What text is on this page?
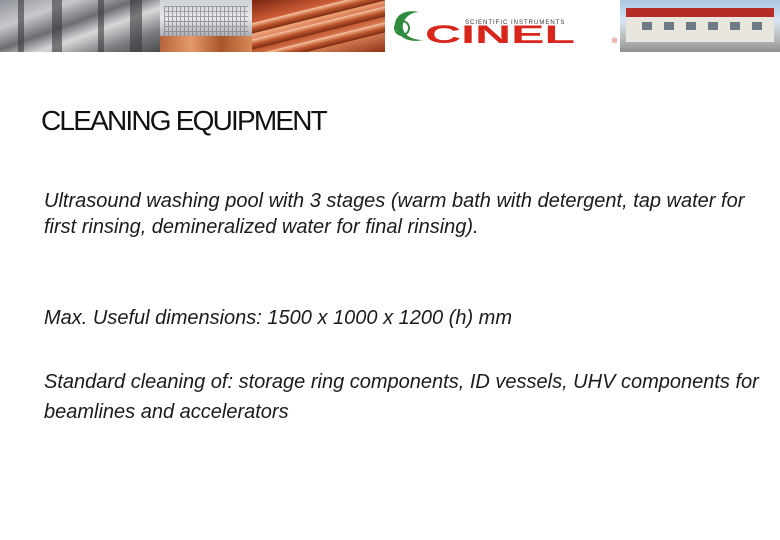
CINEL	®
SCIENTIFIC INSTRUMENTS
CLEANING EQUIPMENT

Ultrasound washing pool with 3 stages (warm bath with detergent, tap water for first rinsing, demineralized water for final rinsing).

Max. Useful dimensions: 1500 x 1000 x 1200 (h) mm

Standard cleaning of: storage ring components, ID vessels, UHV components for beamlines and accelerators
